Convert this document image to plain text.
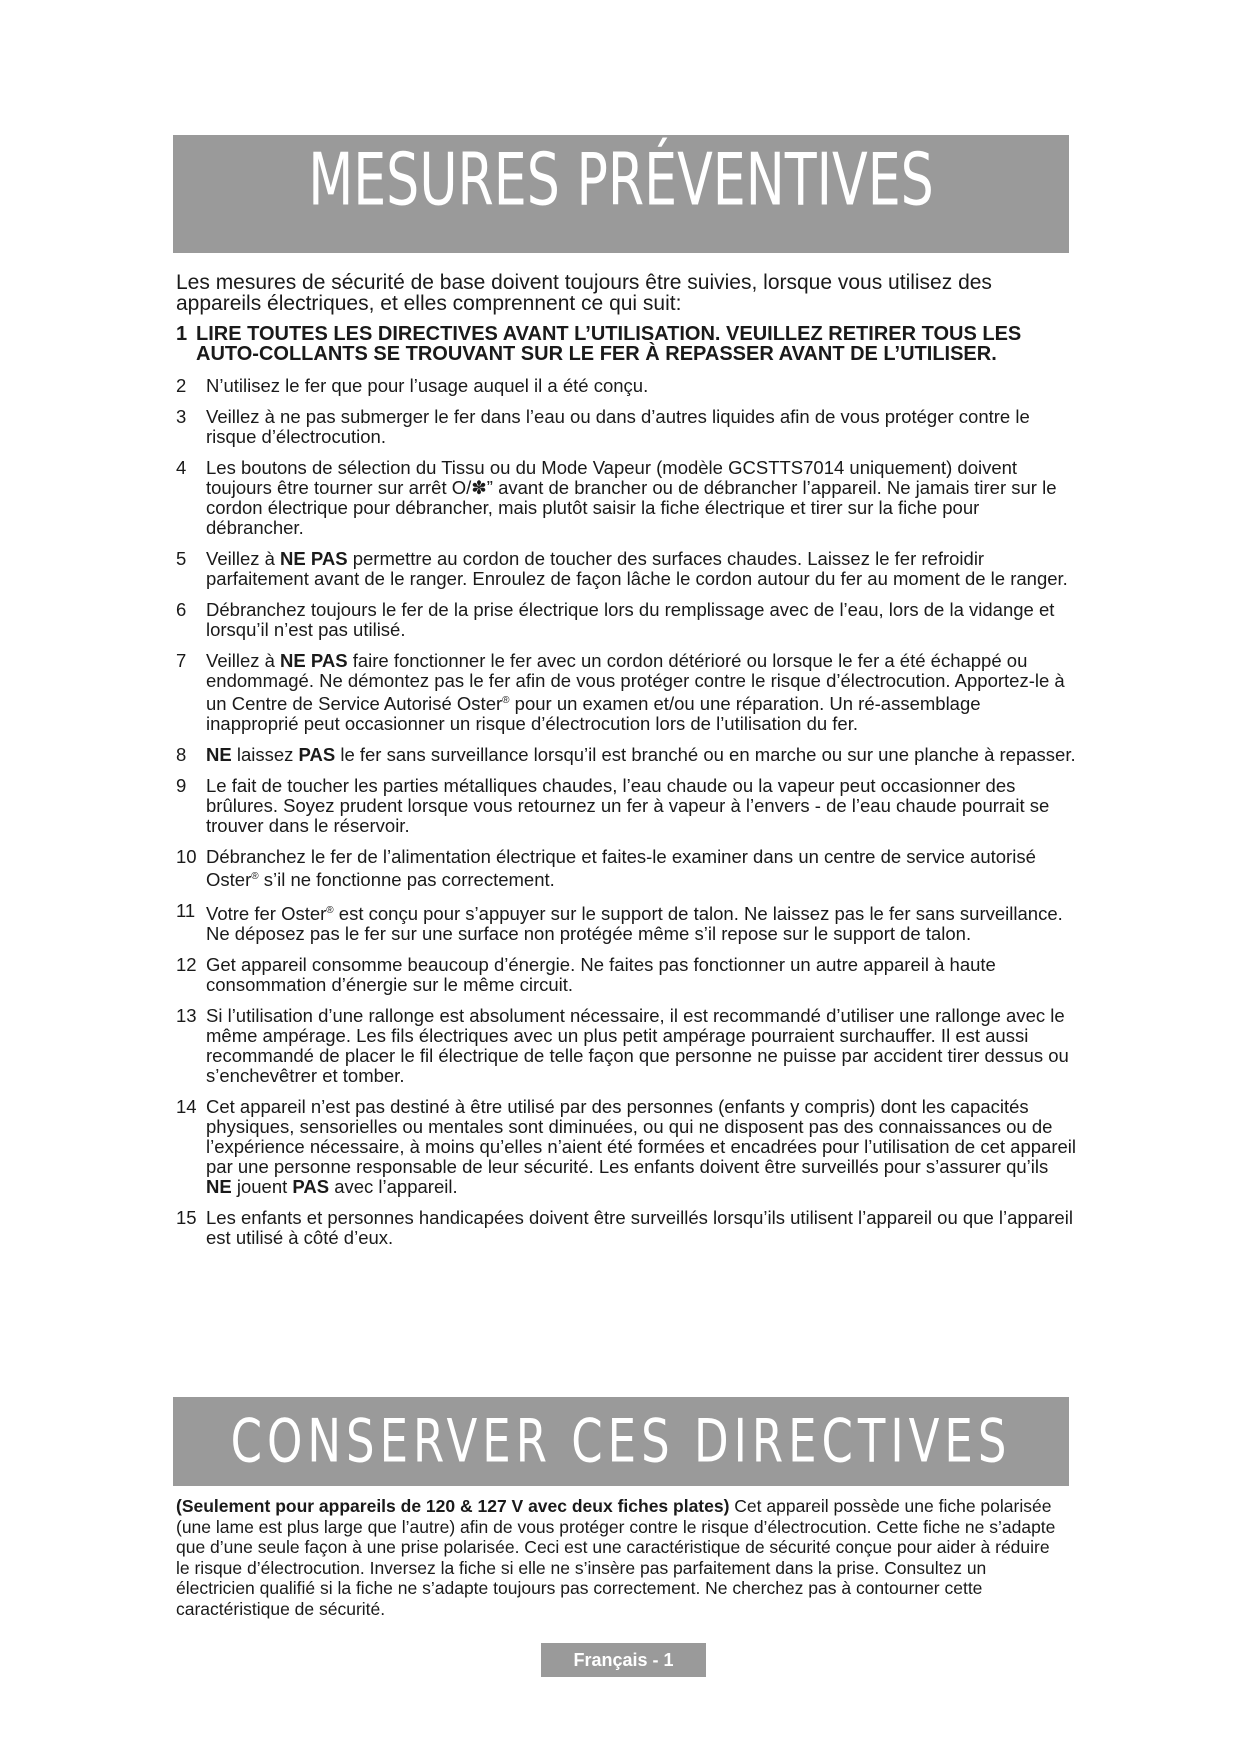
MESURES PRÉVENTIVES

Les mesures de sécurité de base doivent toujours être suivies, lorsque vous utilisez des appareils électriques, et elles comprennent ce qui suit:

1 LIRE TOUTES LES DIRECTIVES AVANT L’UTILISATION. VEUILLEZ RETIRER TOUS LES AUTO-COLLANTS SE TROUVANT SUR LE FER À REPASSER AVANT DE L’UTILISER.
2 N’utilisez le fer que pour l’usage auquel il a été conçu.
3 Veillez à ne pas submerger le fer dans l’eau ou dans d’autres liquides afin de vous protéger contre le risque d’électrocution.
4 Les boutons de sélection du Tissu ou du Mode Vapeur (modèle GCSTTS7014 uniquement) doivent toujours être tourner sur arrêt O/✽” avant de brancher ou de débrancher l’appareil. Ne jamais tirer sur le cordon électrique pour débrancher, mais plutôt saisir la fiche électrique et tirer sur la fiche pour débrancher.
5 Veillez à NE PAS permettre au cordon de toucher des surfaces chaudes. Laissez le fer refroidir parfaitement avant de le ranger. Enroulez de façon lâche le cordon autour du fer au moment de le ranger.
6 Débranchez toujours le fer de la prise électrique lors du remplissage avec de l’eau, lors de la vidange et lorsqu’il n’est pas utilisé.
7 Veillez à NE PAS faire fonctionner le fer avec un cordon détérioré ou lorsque le fer a été échappé ou endommagé. Ne démontez pas le fer afin de vous protéger contre le risque d’électrocution. Apportez-le à un Centre de Service Autorisé Oster® pour un examen et/ou une réparation. Un ré-assemblage inapproprié peut occasionner un risque d’électrocution lors de l’utilisation du fer.
8 NE laissez PAS le fer sans surveillance lorsqu’il est branché ou en marche ou sur une planche à repasser.
9 Le fait de toucher les parties métalliques chaudes, l’eau chaude ou la vapeur peut occasionner des brûlures. Soyez prudent lorsque vous retournez un fer à vapeur à l’envers - de l’eau chaude pourrait se trouver dans le réservoir.
10 Débranchez le fer de l’alimentation électrique et faites-le examiner dans un centre de service autorisé Oster® s’il ne fonctionne pas correctement.
11 Votre fer Oster® est conçu pour s’appuyer sur le support de talon. Ne laissez pas le fer sans surveillance. Ne déposez pas le fer sur une surface non protégée même s’il repose sur le support de talon.
12 Get appareil consomme beaucoup d’énergie. Ne faites pas fonctionner un autre appareil à haute consommation d’énergie sur le même circuit.
13 Si l’utilisation d’une rallonge est absolument nécessaire, il est recommandé d’utiliser une rallonge avec le même ampérage. Les fils électriques avec un plus petit ampérage pourraient surchauffer. Il est aussi recommandé de placer le fil électrique de telle façon que personne ne puisse par accident tirer dessus ou s’enchevêtrer et tomber.
14 Cet appareil n’est pas destiné à être utilisé par des personnes (enfants y compris) dont les capacités physiques, sensorielles ou mentales sont diminuées, ou qui ne disposent pas des connaissances ou de l’expérience nécessaire, à moins qu’elles n’aient été formées et encadrées pour l’utilisation de cet appareil par une personne responsable de leur sécurité. Les enfants doivent être surveillés pour s’assurer qu’ils NE jouent PAS avec l’appareil.
15 Les enfants et personnes handicapées doivent être surveillés lorsqu’ils utilisent l’appareil ou que l’appareil est utilisé à côté d’eux.
CONSERVER CES DIRECTIVES

(Seulement pour appareils de 120 & 127 V avec deux fiches plates) Cet appareil possède une fiche polarisée (une lame est plus large que l’autre) afin de vous protéger contre le risque d’électrocution. Cette fiche ne s’adapte que d’une seule façon à une prise polarisée. Ceci est une caractéristique de sécurité conçue pour aider à réduire le risque d’électrocution. Inversez la fiche si elle ne s’insère pas parfaitement dans la prise. Consultez un électricien qualifié si la fiche ne s’adapte toujours pas correctement. Ne cherchez pas à contourner cette caractéristique de sécurité.

Français - 1
